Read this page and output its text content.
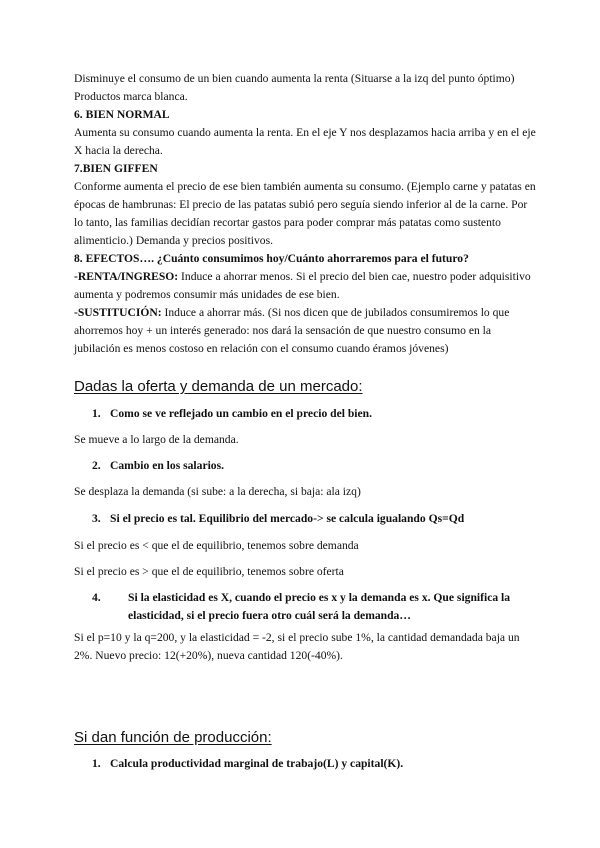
Disminuye el consumo de un bien cuando aumenta la renta (Situarse a la izq del punto óptimo) Productos marca blanca.

6. BIEN NORMAL

Aumenta su consumo cuando aumenta la renta. En el eje Y nos desplazamos hacia arriba y en el eje X hacia la derecha.

7.BIEN GIFFEN

Conforme aumenta el precio de ese bien también aumenta su consumo. (Ejemplo carne y patatas en épocas de hambrunas: El precio de las patatas subió pero seguía siendo inferior al de la carne. Por lo tanto, las familias decidían recortar gastos para poder comprar más patatas como sustento alimenticio.) Demanda y precios positivos.

8. EFECTOS…. ¿Cuánto consumimos hoy/Cuánto ahorraremos para el futuro?

-RENTA/INGRESO: Induce a ahorrar menos. Si el precio del bien cae, nuestro poder adquisitivo aumenta y podremos consumir más unidades de ese bien.

-SUSTITUCIÓN: Induce a ahorrar más. (Si nos dicen que de jubilados consumiremos lo que ahorremos hoy + un interés generado: nos dará la sensación de que nuestro consumo en la jubilación es menos costoso en relación con el consumo cuando éramos jóvenes)

Dadas la oferta y demanda de un mercado:

1. Como se ve reflejado un cambio en el precio del bien.

Se mueve a lo largo de la demanda.

2. Cambio en los salarios.

Se desplaza la demanda (si sube: a la derecha, si baja: ala izq)

3. Si el precio es tal. Equilibrio del mercado-> se calcula igualando Qs=Qd

Si el precio es < que el de equilibrio, tenemos sobre demanda

Si el precio es > que el de equilibrio, tenemos sobre oferta

4. Si la elasticidad es X, cuando el precio es x y la demanda es x. Que significa la elasticidad, si el precio fuera otro cuál será la demanda…

Si el p=10 y la q=200, y la elasticidad = -2, si el precio sube 1%, la cantidad demandada baja un 2%. Nuevo precio: 12(+20%), nueva cantidad 120(-40%).

Si dan función de producción:

1. Calcula productividad marginal de trabajo(L) y capital(K).
